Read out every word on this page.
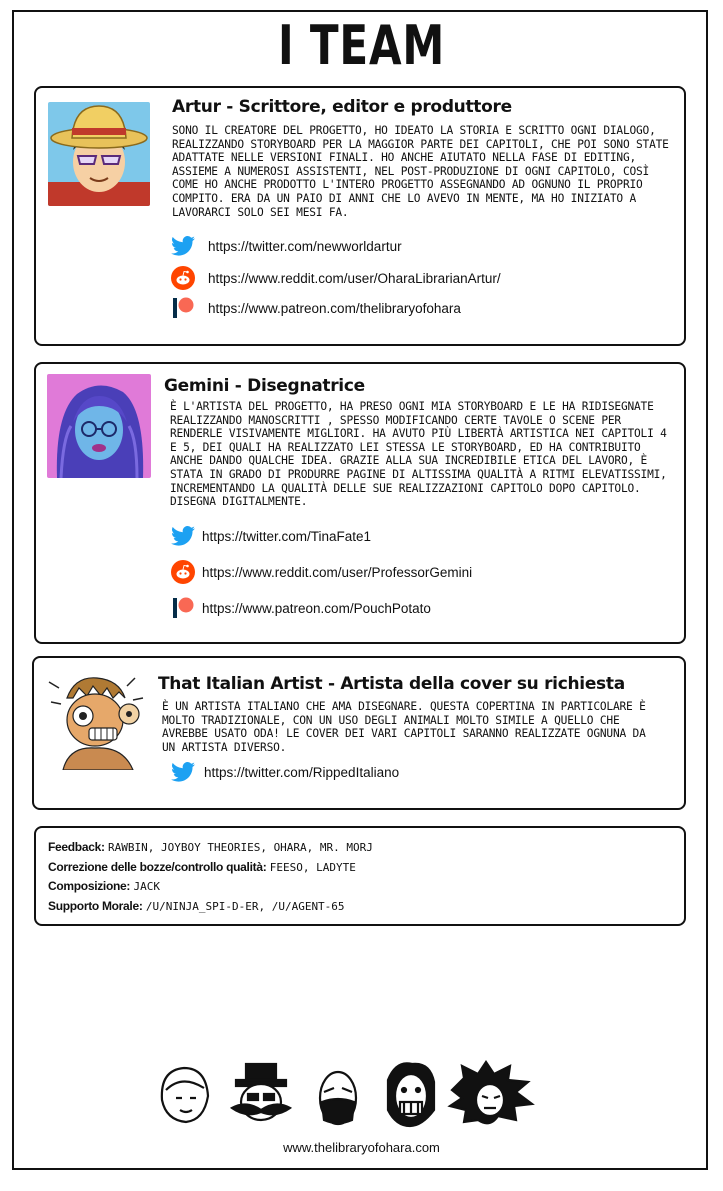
I TEAM
Artur - Scrittore, editor e produttore
SONO IL CREATORE DEL PROGETTO, HO IDEATO LA STORIA E SCRITTO OGNI DIALOGO, REALIZZANDO STORYBOARD PER LA MAGGIOR PARTE DEI CAPITOLI, CHE POI SONO STATE ADATTATE NELLE VERSIONI FINALI. HO ANCHE AIUTATO NELLA FASE DI EDITING, ASSIEME A NUMEROSI ASSISTENTI, NEL POST-PRODUZIONE DI OGNI CAPITOLO, COSÌ COME HO ANCHE PRODOTTO L'INTERO PROGETTO ASSEGNANDO AD OGNUNO IL PROPRIO COMPITO. ERA DA UN PAIO DI ANNI CHE LO AVEVO IN MENTE, MA HO INIZIATO A LAVORARCI SOLO SEI MESI FA.
https://twitter.com/newworldartur
https://www.reddit.com/user/OharaLibrarianArtur/
https://www.patreon.com/thelibraryofohara
Gemini - Disegnatrice
È L'ARTISTA DEL PROGETTO, HA PRESO OGNI MIA STORYBOARD E LE HA RIDISEGNATE REALIZZANDO MANOSCRITTI , SPESSO MODIFICANDO CERTE TAVOLE O SCENE PER RENDERLE VISIVAMENTE MIGLIORI. HA AVUTO PIÙ LIBERTÀ ARTISTICA NEI CAPITOLI 4 E 5, DEI QUALI HA REALIZZATO LEI STESSA LE STORYBOARD, ED HA CONTRIBUITO ANCHE DANDO QUALCHE IDEA. GRAZIE ALLA SUA INCREDIBILE ETICA DEL LAVORO, È STATA IN GRADO DI PRODURRE PAGINE DI ALTISSIMA QUALITÀ A RITMI ELEVATISSIMI, INCREMENTANDO LA QUALITÀ DELLE SUE REALIZZAZIONI CAPITOLO DOPO CAPITOLO. DISEGNA DIGITALMENTE.
https://twitter.com/TinaFate1
https://www.reddit.com/user/ProfessorGemini
https://www.patreon.com/PouchPotato
That Italian Artist - Artista della cover su richiesta
È UN ARTISTA ITALIANO CHE AMA DISEGNARE. QUESTA COPERTINA IN PARTICOLARE È MOLTO TRADIZIONALE, CON UN USO DEGLI ANIMALI MOLTO SIMILE A QUELLO CHE AVREBBE USATO ODA! LE COVER DEI VARI CAPITOLI SARANNO REALIZZATE OGNUNA DA UN ARTISTA DIVERSO.
https://twitter.com/RippedItaliano
Feedback: RAWBIN, JOYBOY THEORIES, OHARA, MR. MORJ
Correzione delle bozze/controllo qualità: FEESO, LADYTE
Composizione: JACK
Supporto Morale: /U/NINJA_SPI-D-ER, /U/AGENT-65
www.thelibraryofohara.com
